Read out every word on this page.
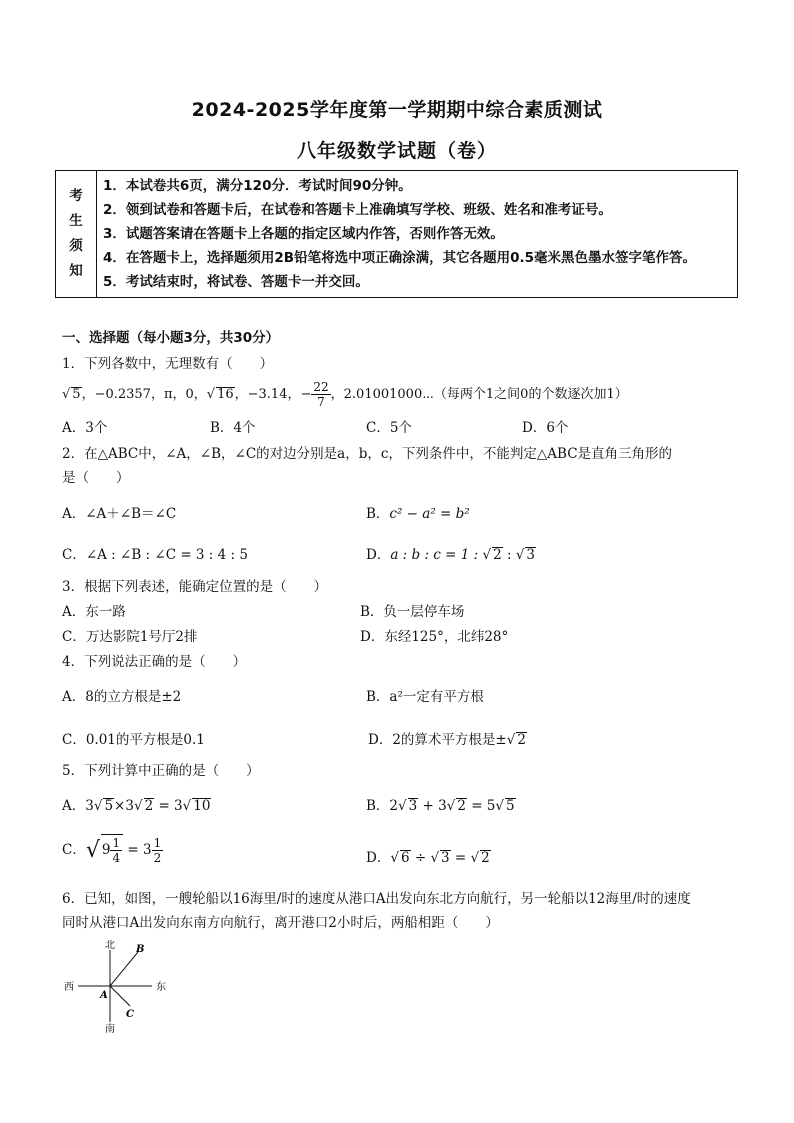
2024-2025学年度第一学期期中综合素质测试
八年级数学试题（卷）
考
生
须
知

1．本试卷共6页，满分120分．考试时间90分钟。
2．领到试卷和答题卡后，在试卷和答题卡上准确填写学校、班级、姓名和准考证号。
3．试题答案请在答题卡上各题的指定区域内作答，否则作答无效。
4．在答题卡上，选择题须用2B铅笔将选中项正确涂满，其它各题用0.5毫米黑色墨水签字笔作答。
5．考试结束时，将试卷、答题卡一并交回。
一、选择题（每小题3分，共30分）
1．下列各数中，无理数有（　　）
√ 5，−0.2357，π，0，√ 16，−3.14，− $\frac{22}{7}$ ，2.01001000⋯（每两个1之间0的个数逐次加1）
A．3个	B．4个	C．5个	D．6个
2．在△ABC中，∠A，∠B，∠C的对边分别是a，b，c，下列条件中，不能判定△ABC是直角三角形的
是（　　）
A．∠A＋∠B＝∠C	B．c² − a² = b²
C．∠A : ∠B : ∠C = 3 : 4 : 5	D．a : b : c = 1 : √ 2 : √ 3
3．根据下列表述，能确定位置的是（　　）
A．东一路	B．负一层停车场
C．万达影院1号厅2排	D．东经125°，北纬28°
4．下列说法正确的是（　　）
A．8的立方根是±2	B．a²一定有平方根
C．0.01的平方根是0.1	D．2的算术平方根是±√ 2
5．下列计算中正确的是（　　）
A．3√ 5×3√ 2 = 3√ 10	B．2√ 3 + 3√ 2 = 5√ 5
C．√ $9 \frac{1}{4} = 3 \frac{1}{2}$	D．√ 6 ÷ √ 3 = √ 2
6．已知，如图，一艘轮船以16海里/时的速度从港口A出发向东北方向航行，另一轮船以12海里/时的速度
同时从港口A出发向东南方向航行，离开港口2小时后，两船相距（　　）
北
南
东
西
A
B
C
